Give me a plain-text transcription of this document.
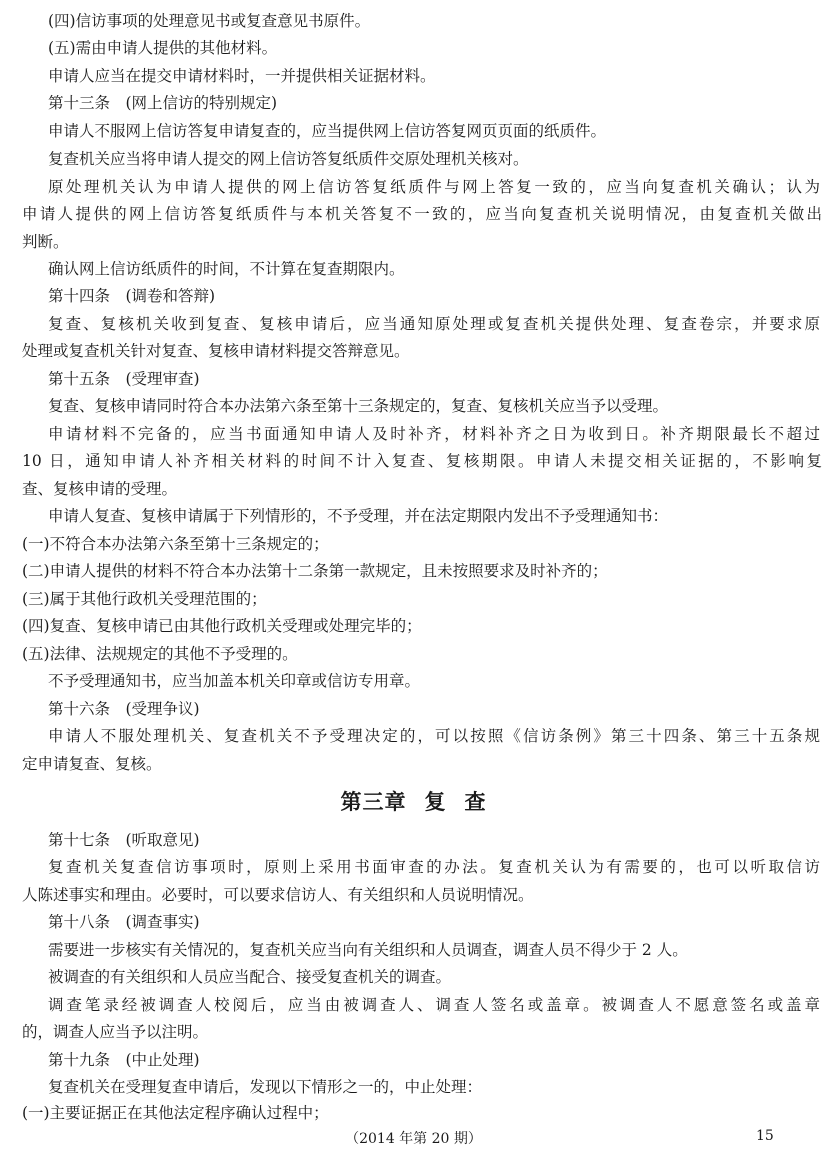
(四)信访事项的处理意见书或复查意见书原件。
(五)需由申请人提供的其他材料。
申请人应当在提交申请材料时，一并提供相关证据材料。
第十三条　(网上信访的特别规定)
申请人不服网上信访答复申请复查的，应当提供网上信访答复网页页面的纸质件。
复查机关应当将申请人提交的网上信访答复纸质件交原处理机关核对。
原处理机关认为申请人提供的网上信访答复纸质件与网上答复一致的，应当向复查机关确认；认为
申请人提供的网上信访答复纸质件与本机关答复不一致的，应当向复查机关说明情况，由复查机关做出
判断。
确认网上信访纸质件的时间，不计算在复查期限内。
第十四条　(调卷和答辩)
复查、复核机关收到复查、复核申请后，应当通知原处理或复查机关提供处理、复查卷宗，并要求原
处理或复查机关针对复查、复核申请材料提交答辩意见。
第十五条　(受理审查)
复查、复核申请同时符合本办法第六条至第十三条规定的，复查、复核机关应当予以受理。
申请材料不完备的，应当书面通知申请人及时补齐，材料补齐之日为收到日。补齐期限最长不超过
10 日，通知申请人补齐相关材料的时间不计入复查、复核期限。申请人未提交相关证据的，不影响复
查、复核申请的受理。
申请人复查、复核申请属于下列情形的，不予受理，并在法定期限内发出不予受理通知书：
(一)不符合本办法第六条至第十三条规定的；
(二)申请人提供的材料不符合本办法第十二条第一款规定，且未按照要求及时补齐的；
(三)属于其他行政机关受理范围的；
(四)复查、复核申请已由其他行政机关受理或处理完毕的；
(五)法律、法规规定的其他不予受理的。
不予受理通知书，应当加盖本机关印章或信访专用章。
第十六条　(受理争议)
申请人不服处理机关、复查机关不予受理决定的，可以按照《信访条例》第三十四条、第三十五条规
定申请复查、复核。
第三章 复 查
第十七条　(听取意见)
复查机关复查信访事项时，原则上采用书面审查的办法。复查机关认为有需要的，也可以听取信访
人陈述事实和理由。必要时，可以要求信访人、有关组织和人员说明情况。
第十八条　(调查事实)
需要进一步核实有关情况的，复查机关应当向有关组织和人员调查，调查人员不得少于 2 人。
被调查的有关组织和人员应当配合、接受复查机关的调查。
调查笔录经被调查人校阅后，应当由被调查人、调查人签名或盖章。被调查人不愿意签名或盖章
的，调查人应当予以注明。
第十九条　(中止处理)
复查机关在受理复查申请后，发现以下情形之一的，中止处理：
(一)主要证据正在其他法定程序确认过程中；
（2014 年第 20 期）	15
